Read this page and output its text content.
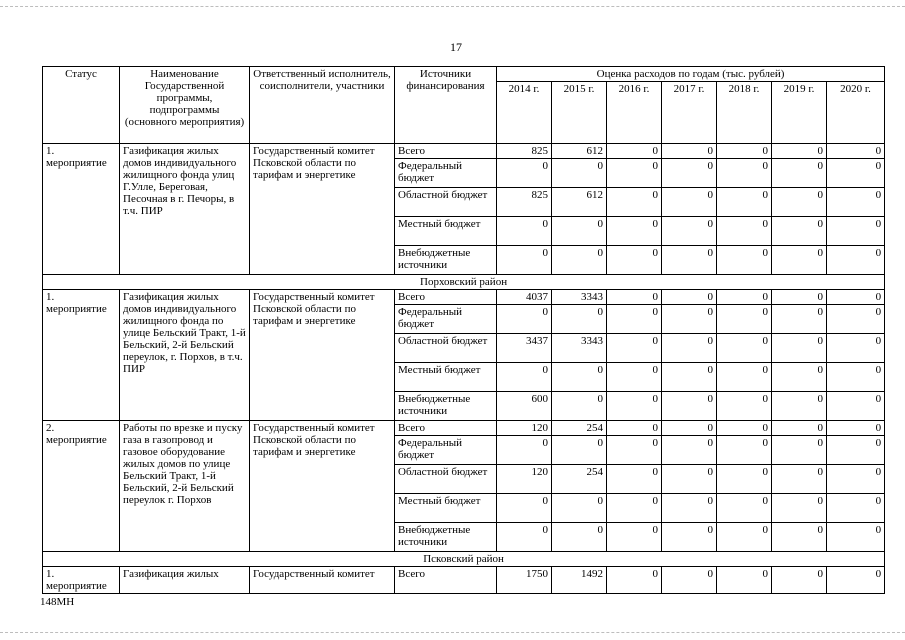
17
Статус	Наименование Государственной программы, подпрограммы (основного мероприятия)	Ответственный исполнитель, соисполнители, участники	Источники финансирования	Оценка расходов по годам (тыс. рублей)						
				2014 г.	2015 г.	2016 г.	2017 г.	2018 г.	2019 г.	2020 г.
1. мероприятие	Газификация жилых домов индивидуального жилищного фонда улиц Г.Улле, Береговая, Песочная в г. Печоры, в т.ч. ПИР	Государственный комитет Псковской области по тарифам и энергетике	Всего	825	612	0	0	0	0	0
			Федеральный бюджет	0	0	0	0	0	0	0
			Областной бюджет	825	612	0	0	0	0	0
			Местный бюджет	0	0	0	0	0	0	0
			Внебюджетные источники	0	0	0	0	0	0	0
Порховский район										
1. мероприятие	Газификация жилых домов индивидуального жилищного фонда по улице Бельский Тракт, 1-й Бельский, 2-й Бельский переулок, г. Порхов, в т.ч. ПИР	Государственный комитет Псковской области по тарифам и энергетике	Всего	4037	3343	0	0	0	0	0
			Федеральный бюджет	0	0	0	0	0	0	0
			Областной бюджет	3437	3343	0	0	0	0	0
			Местный бюджет	0	0	0	0	0	0	0
			Внебюджетные источники	600	0	0	0	0	0	0
2. мероприятие	Работы по врезке и пуску газа в газопровод и газовое оборудование жилых домов по улице Бельский Тракт, 1-й Бельский, 2-й Бельский переулок г. Порхов	Государственный комитет Псковской области по тарифам и энергетике	Всего	120	254	0	0	0	0	0
			Федеральный бюджет	0	0	0	0	0	0	0
			Областной бюджет	120	254	0	0	0	0	0
			Местный бюджет	0	0	0	0	0	0	0
			Внебюджетные источники	0	0	0	0	0	0	0
Псковский район										
1. мероприятие	Газификация жилых	Государственный комитет	Всего	1750	1492	0	0	0	0	0
148МН
